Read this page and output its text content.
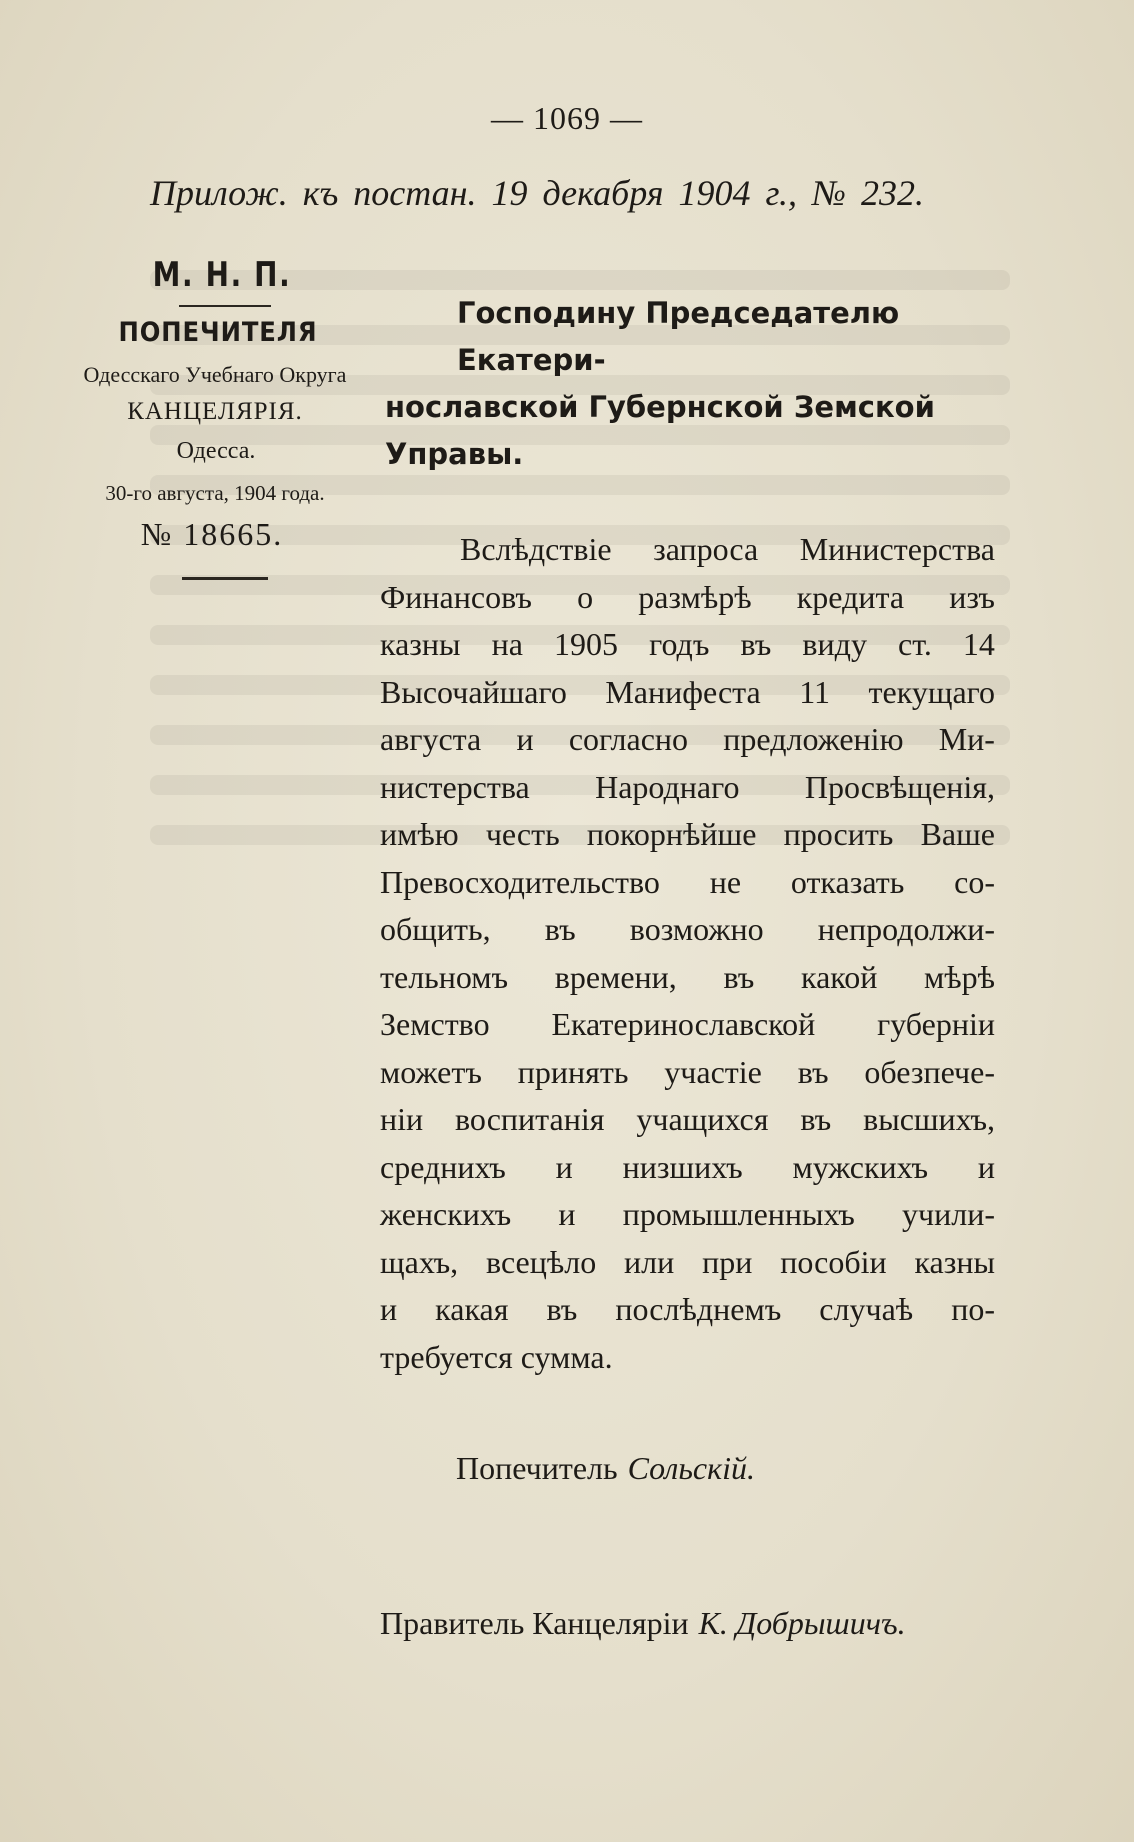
— 1069 —
Прилож. къ постан. 19 декабря 1904 г., № 232.
М. Н. П.
ПОПЕЧИТЕЛЯ
Одесскаго Учебнаго Округа
КАНЦЕЛЯРІЯ.
Одесса.
30-го августа, 1904 года.
№ 18665.
Господину Председателю Екатери-
нославской Губернской Земской Управы.
Вслѣдствіе запроса Министерства
Финансовъ о размѣрѣ кредита изъ
казны на 1905 годъ въ виду ст. 14
Высочайшаго Манифеста 11 текущаго
августа и согласно предложенію Ми-
нистерства Народнаго Просвѣщенія,
имѣю честь покорнѣйше просить Ваше
Превосходительство не отказать со-
общить, въ возможно непродолжи-
тельномъ времени, въ какой мѣрѣ
Земство Екатеринославской губерніи
можетъ принять участіе въ обезпече-
ніи воспитанія учащихся въ высшихъ,
среднихъ и низшихъ мужскихъ и
женскихъ и промышленныхъ учили-
щахъ, всецѣло или при пособіи казны
и какая въ послѣднемъ случаѣ по-
требуется сумма.
Попечитель Сольскій.
Правитель Канцеляріи К. Добрышичъ.
